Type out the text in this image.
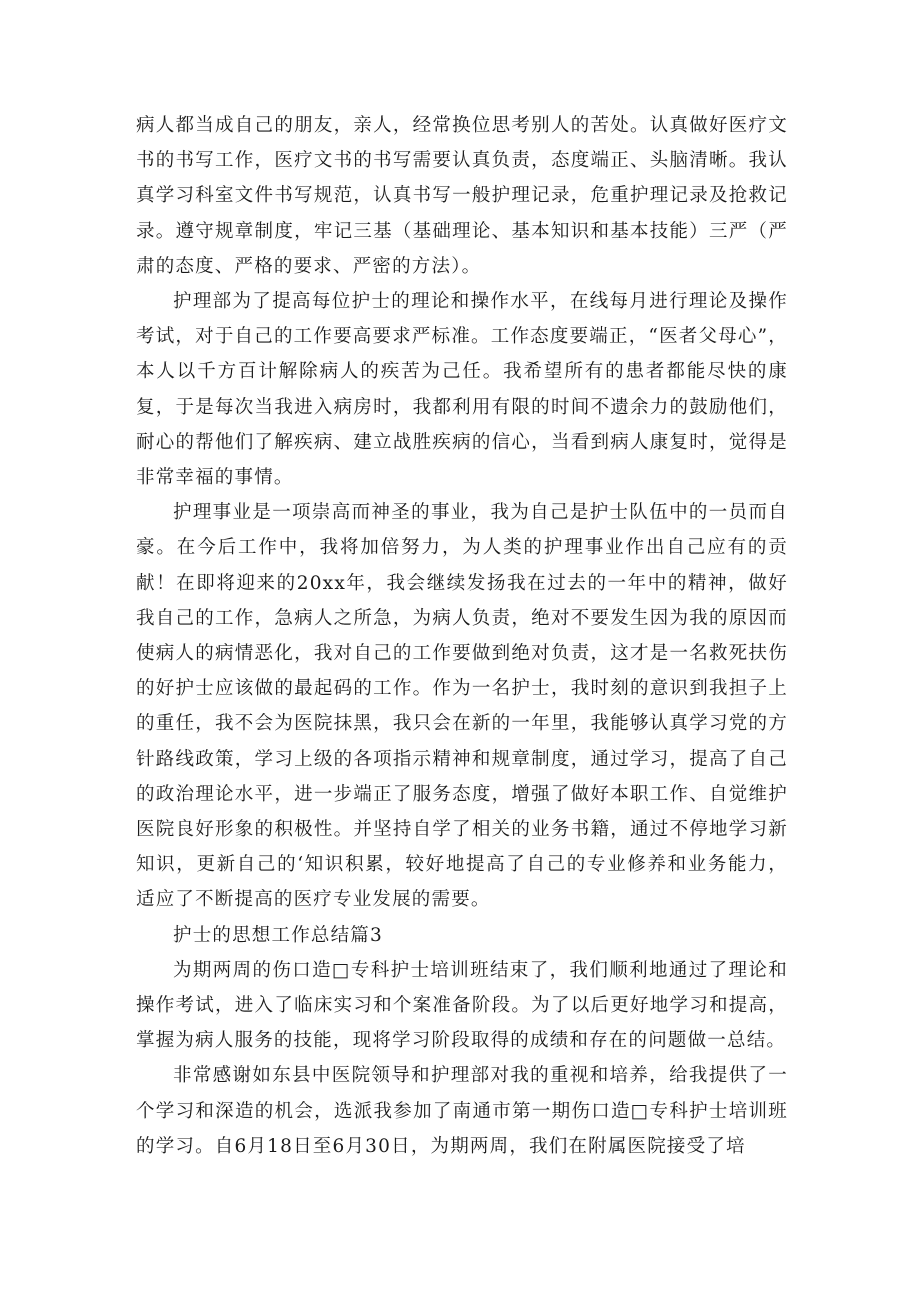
病人都当成自己的朋友，亲人，经常换位思考别人的苦处。认真做好医疗文书的书写工作，医疗文书的书写需要认真负责，态度端正、头脑清晰。我认真学习科室文件书写规范，认真书写一般护理记录，危重护理记录及抢救记录。遵守规章制度，牢记三基（基础理论、基本知识和基本技能）三严（严肃的态度、严格的要求、严密的方法）。

护理部为了提高每位护士的理论和操作水平，在线每月进行理论及操作考试，对于自己的工作要高要求严标准。工作态度要端正，“医者父母心”，本人以千方百计解除病人的疾苦为己任。我希望所有的患者都能尽快的康复，于是每次当我进入病房时，我都利用有限的时间不遗余力的鼓励他们，耐心的帮他们了解疾病、建立战胜疾病的信心，当看到病人康复时，觉得是非常幸福的事情。

护理事业是一项崇高而神圣的事业，我为自己是护士队伍中的一员而自豪。在今后工作中，我将加倍努力，为人类的护理事业作出自己应有的贡献！在即将迎来的20xx年，我会继续发扬我在过去的一年中的精神，做好我自己的工作，急病人之所急，为病人负责，绝对不要发生因为我的原因而使病人的病情恶化，我对自己的工作要做到绝对负责，这才是一名救死扶伤的好护士应该做的最起码的工作。作为一名护士，我时刻的意识到我担子上的重任，我不会为医院抹黑，我只会在新的一年里，我能够认真学习党的方针路线政策，学习上级的各项指示精神和规章制度，通过学习，提高了自己的政治理论水平，进一步端正了服务态度，增强了做好本职工作、自觉维护医院良好形象的积极性。并坚持自学了相关的业务书籍，通过不停地学习新知识，更新自己的‘知识积累，较好地提高了自己的专业修养和业务能力，适应了不断提高的医疗专业发展的需要。

护士的思想工作总结篇3

为期两周的伤口造□专科护士培训班结束了，我们顺利地通过了理论和操作考试，进入了临床实习和个案准备阶段。为了以后更好地学习和提高，掌握为病人服务的技能，现将学习阶段取得的成绩和存在的问题做一总结。

非常感谢如东县中医院领导和护理部对我的重视和培养，给我提供了一个学习和深造的机会，选派我参加了南通市第一期伤口造□专科护士培训班的学习。自6月18日至6月30日，为期两周，我们在附属医院接受了培
